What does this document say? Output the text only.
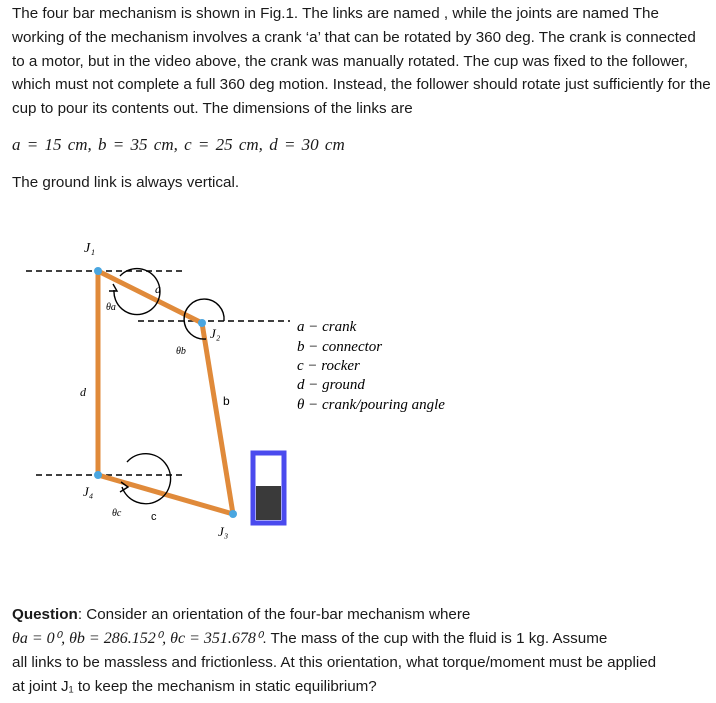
The four bar mechanism is shown in Fig.1. The links are named , while the joints are named The working of the mechanism involves a crank ‘a’ that can be rotated by 360 deg. The crank is connected to a motor, but in the video above, the crank was manually rotated. The cup was fixed to the follower, which must not complete a full 360 deg motion. Instead, the follower should rotate just sufficiently for the cup to pour its contents out. The dimensions of the links are
a = 15 cm, b = 35 cm, c = 25 cm, d = 30 cm
The ground link is always vertical.
J₁
J₂
J₃
J₄
a
d
θa
θb
θc
b
c
a − crank
b − connector
c − rocker
d − ground
θ − crank/pouring angle
Question: Consider an orientation of the four-bar mechanism where
θa = 0⁰, θb = 286.152⁰, θc = 351.678⁰. The mass of the cup with the fluid is 1 kg. Assume
all links to be massless and frictionless. At this orientation, what torque/moment must be applied
at joint J₁ to keep the mechanism in static equilibrium?
